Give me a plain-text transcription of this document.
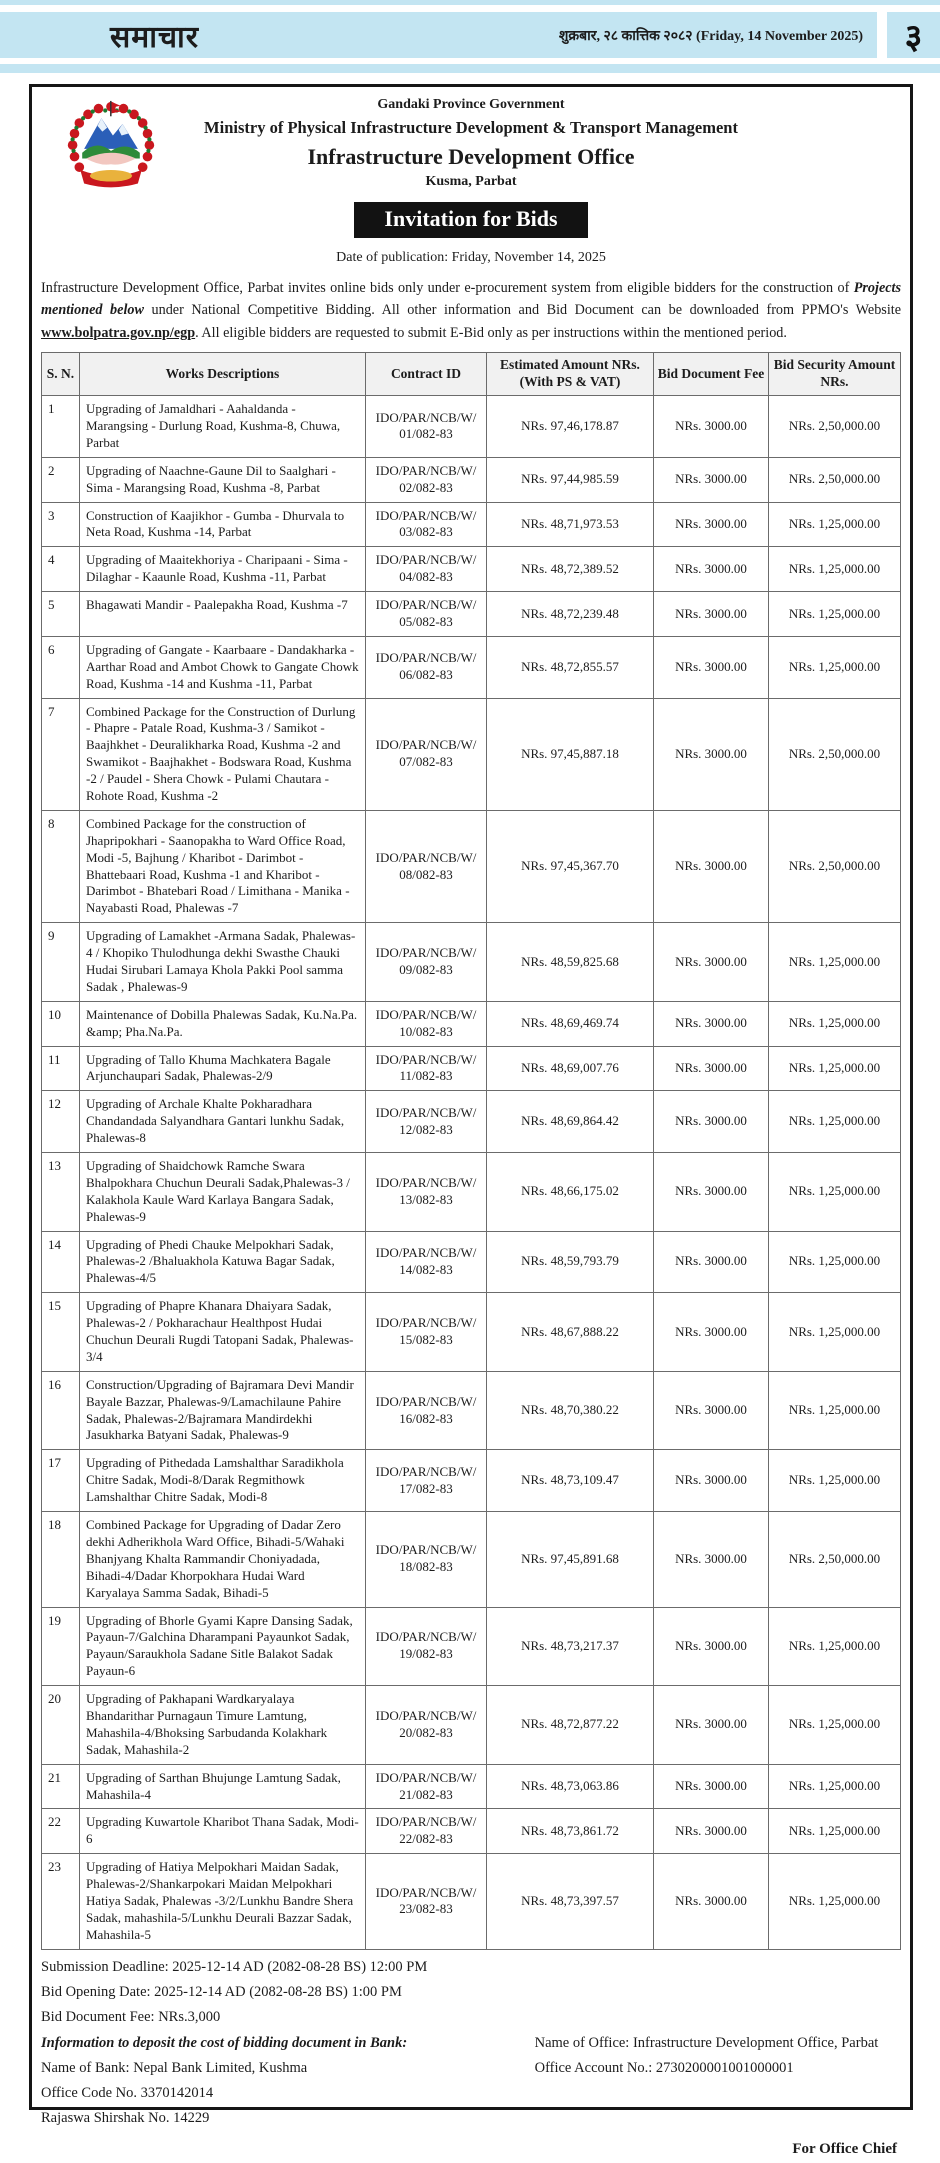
समाचार	शुक्रबार, २८ कात्तिक २०८२ (Friday, 14 November 2025)	३
Gandaki Province Government
Ministry of Physical Infrastructure Development & Transport Management
Infrastructure Development Office
Kusma, Parbat
Invitation for Bids
Date of publication: Friday, November 14, 2025

Infrastructure Development Office, Parbat invites online bids only under e-procurement system from eligible bidders for the construction of Projects mentioned below under National Competitive Bidding. All other information and Bid Document can be downloaded from PPMO's Website www.bolpatra.gov.np/egp. All eligible bidders are requested to submit E-Bid only as per instructions within the mentioned period.

S. N.	Works Descriptions	Contract ID	Estimated Amount NRs. (With PS & VAT)	Bid Document Fee	Bid Security Amount NRs.
1	Upgrading of Jamaldhari - Aahaldanda - Marangsing - Durlung Road, Kushma-8, Chuwa, Parbat	IDO/​PAR/​NCB/​W/​01/​082-83	NRs. 97,46,178.87	NRs. 3000.00	NRs. 2,50,000.00
2	Upgrading of Naachne-Gaune Dil to Saalghari - Sima - Marangsing Road, Kushma -8, Parbat	IDO/​PAR/​NCB/​W/​02/​082-83	NRs. 97,44,985.59	NRs. 3000.00	NRs. 2,50,000.00
3	Construction of Kaajikhor - Gumba - Dhurvala to Neta Road, Kushma -14, Parbat	IDO/​PAR/​NCB/​W/​03/​082-83	NRs. 48,71,973.53	NRs. 3000.00	NRs. 1,25,000.00
4	Upgrading of Maaitekhoriya - Charipaani - Sima - Dilaghar - Kaaunle Road, Kushma -11, Parbat	IDO/​PAR/​NCB/​W/​04/​082-83	NRs. 48,72,389.52	NRs. 3000.00	NRs. 1,25,000.00
5	Bhagawati Mandir - Paalepakha Road, Kushma -7	IDO/​PAR/​NCB/​W/​05/​082-83	NRs. 48,72,239.48	NRs. 3000.00	NRs. 1,25,000.00
6	Upgrading of Gangate - Kaarbaare - Dandakharka - Aarthar Road and Ambot Chowk to Gangate Chowk Road, Kushma -14 and Kushma -11, Parbat	IDO/​PAR/​NCB/​W/​06/​082-83	NRs. 48,72,855.57	NRs. 3000.00	NRs. 1,25,000.00
7	Combined Package for the Construction of Durlung - Phapre - Patale Road, Kushma-3 / Samikot - Baajhkhet - Deuralikharka Road, Kushma -2 and Swamikot - Baajhakhet - Bodswara Road, Kushma -2 / Paudel - Shera Chowk - Pulami Chautara - Rohote Road, Kushma -2	IDO/​PAR/​NCB/​W/​07/​082-83	NRs. 97,45,887.18	NRs. 3000.00	NRs. 2,50,000.00
8	Combined Package for the construction of Jhapripokhari - Saanopakha to Ward Office Road, Modi -5, Bajhung / Kharibot - Darimbot - Bhattebaari Road, Kushma -1 and Kharibot - Darimbot - Bhatebari Road / Limithana - Manika - Nayabasti Road, Phalewas -7	IDO/​PAR/​NCB/​W/​08/​082-83	NRs. 97,45,367.70	NRs. 3000.00	NRs. 2,50,000.00
9	Upgrading of Lamakhet -Armana Sadak, Phalewas-4 / Khopiko Thulodhunga dekhi Swasthe Chauki Hudai Sirubari Lamaya Khola Pakki Pool samma Sadak , Phalewas-9	IDO/​PAR/​NCB/​W/​09/​082-83	NRs. 48,59,825.68	NRs. 3000.00	NRs. 1,25,000.00
10	Maintenance of Dobilla Phalewas Sadak, Ku.Na.Pa. &amp; Pha.Na.Pa.	IDO/​PAR/​NCB/​W/​10/​082-83	NRs. 48,69,469.74	NRs. 3000.00	NRs. 1,25,000.00
11	Upgrading of Tallo Khuma Machkatera Bagale Arjunchaupari Sadak, Phalewas-2/9	IDO/​PAR/​NCB/​W/​11/​082-83	NRs. 48,69,007.76	NRs. 3000.00	NRs. 1,25,000.00
12	Upgrading of Archale Khalte Pokharadhara Chandandada Salyandhara Gantari lunkhu Sadak, Phalewas-8	IDO/​PAR/​NCB/​W/​12/​082-83	NRs. 48,69,864.42	NRs. 3000.00	NRs. 1,25,000.00
13	Upgrading of Shaidchowk Ramche Swara Bhalpokhara Chuchun Deurali Sadak,Phalewas-3 / Kalakhola Kaule Ward Karlaya Bangara Sadak, Phalewas-9	IDO/​PAR/​NCB/​W/​13/​082-83	NRs. 48,66,175.02	NRs. 3000.00	NRs. 1,25,000.00
14	Upgrading of Phedi Chauke Melpokhari Sadak, Phalewas-2 /Bhaluakhola Katuwa Bagar Sadak, Phalewas-4/5	IDO/​PAR/​NCB/​W/​14/​082-83	NRs. 48,59,793.79	NRs. 3000.00	NRs. 1,25,000.00
15	Upgrading of Phapre Khanara Dhaiyara Sadak, Phalewas-2 / Pokharachaur Healthpost Hudai Chuchun Deurali Rugdi Tatopani Sadak, Phalewas-3/4	IDO/​PAR/​NCB/​W/​15/​082-83	NRs. 48,67,888.22	NRs. 3000.00	NRs. 1,25,000.00
16	Construction/Upgrading of Bajramara Devi Mandir Bayale Bazzar, Phalewas-9/Lamachilaune Pahire Sadak, Phalewas-2/Bajramara Mandirdekhi Jasukharka Batyani Sadak, Phalewas-9	IDO/​PAR/​NCB/​W/​16/​082-83	NRs. 48,70,380.22	NRs. 3000.00	NRs. 1,25,000.00
17	Upgrading of Pithedada Lamshalthar Saradikhola Chitre Sadak, Modi-8/Darak Regmithowk Lamshalthar Chitre Sadak, Modi-8	IDO/​PAR/​NCB/​W/​17/​082-83	NRs. 48,73,109.47	NRs. 3000.00	NRs. 1,25,000.00
18	Combined Package for Upgrading of Dadar Zero dekhi Adherikhola Ward Office, Bihadi-5/Wahaki Bhanjyang Khalta Rammandir Choniyadada, Bihadi-4/Dadar Khorpokhara Hudai Ward Karyalaya Samma Sadak, Bihadi-5	IDO/​PAR/​NCB/​W/​18/​082-83	NRs. 97,45,891.68	NRs. 3000.00	NRs. 2,50,000.00
19	Upgrading of Bhorle Gyami Kapre Dansing Sadak, Payaun-7/Galchina Dharampani Payaunkot Sadak, Payaun/Saraukhola Sadane Sitle Balakot Sadak Payaun-6	IDO/​PAR/​NCB/​W/​19/​082-83	NRs. 48,73,217.37	NRs. 3000.00	NRs. 1,25,000.00
20	Upgrading of Pakhapani Wardkaryalaya Bhandarithar Purnagaun Timure Lamtung, Mahashila-4/Bhoksing Sarbudanda Kolakhark Sadak, Mahashila-2	IDO/​PAR/​NCB/​W/​20/​082-83	NRs. 48,72,877.22	NRs. 3000.00	NRs. 1,25,000.00
21	Upgrading of Sarthan Bhujunge Lamtung Sadak, Mahashila-4	IDO/​PAR/​NCB/​W/​21/​082-83	NRs. 48,73,063.86	NRs. 3000.00	NRs. 1,25,000.00
22	Upgrading Kuwartole Kharibot Thana Sadak, Modi-6	IDO/​PAR/​NCB/​W/​22/​082-83	NRs. 48,73,861.72	NRs. 3000.00	NRs. 1,25,000.00
23	Upgrading of Hatiya Melpokhari Maidan Sadak, Phalewas-2/Shankarpokari Maidan Melpokhari Hatiya Sadak, Phalewas -3/2/Lunkhu Bandre Shera Sadak, mahashila-5/Lunkhu Deurali Bazzar Sadak, Mahashila-5	IDO/​PAR/​NCB/​W/​23/​082-83	NRs. 48,73,397.57	NRs. 3000.00	NRs. 1,25,000.00
Submission Deadline: 2025-12-14 AD (2082-08-28 BS) 12:00 PM
Bid Opening Date: 2025-12-14 AD (2082-08-28 BS) 1:00 PM
Bid Document Fee: NRs.3,000
Information to deposit the cost of bidding document in Bank:
Name of Bank: Nepal Bank Limited, Kushma
Office Code No. 3370142014
Rajaswa Shirshak No. 14229
Name of Office: Infrastructure Development Office, Parbat
Office Account No.: 2730200001001000001
For Office Chief
